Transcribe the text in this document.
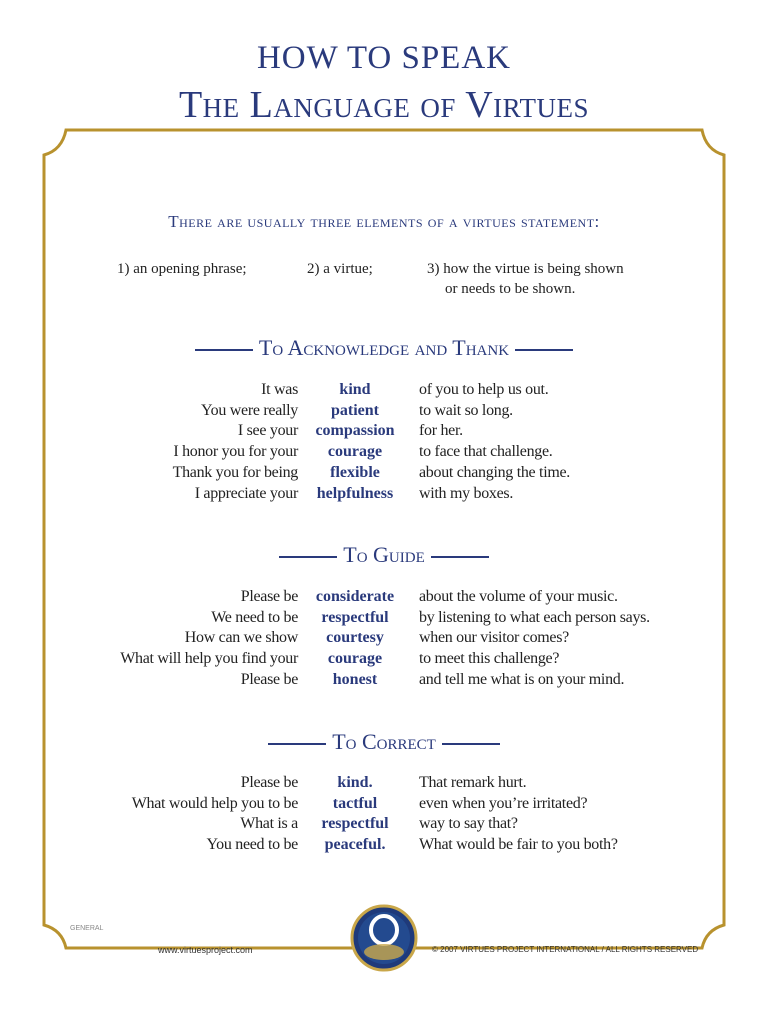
HOW TO SPEAK
The Language of Virtues
There are usually three elements of a virtues statement:
1) an opening phrase;	2) a virtue;	3) how the virtue is being shown
or needs to be shown.
To Acknowledge and Thank
It was	kind	of you to help us out.
You were really	patient	to wait so long.
I see your	compassion	for her.
I honor you for your	courage	to face that challenge.
Thank you for being	flexible	about changing the time.
I appreciate your	helpfulness	with my boxes.
To Guide
Please be	considerate	about the volume of your music.
We need to be	respectful	by listening to what each person says.
How can we show	courtesy	when our visitor comes?
What will help you find your	courage	to meet this challenge?
Please be	honest	and tell me what is on your mind.
To Correct
Please be	kind.	That remark hurt.
What would help you to be	tactful	even when you’re irritated?
What is a	respectful	way to say that?
You need to be	peaceful.	What would be fair to you both?
GENERAL
www.virtuesproject.com	© 2007 VIRTUES PROJECT INTERNATIONAL / ALL RIGHTS RESERVED
